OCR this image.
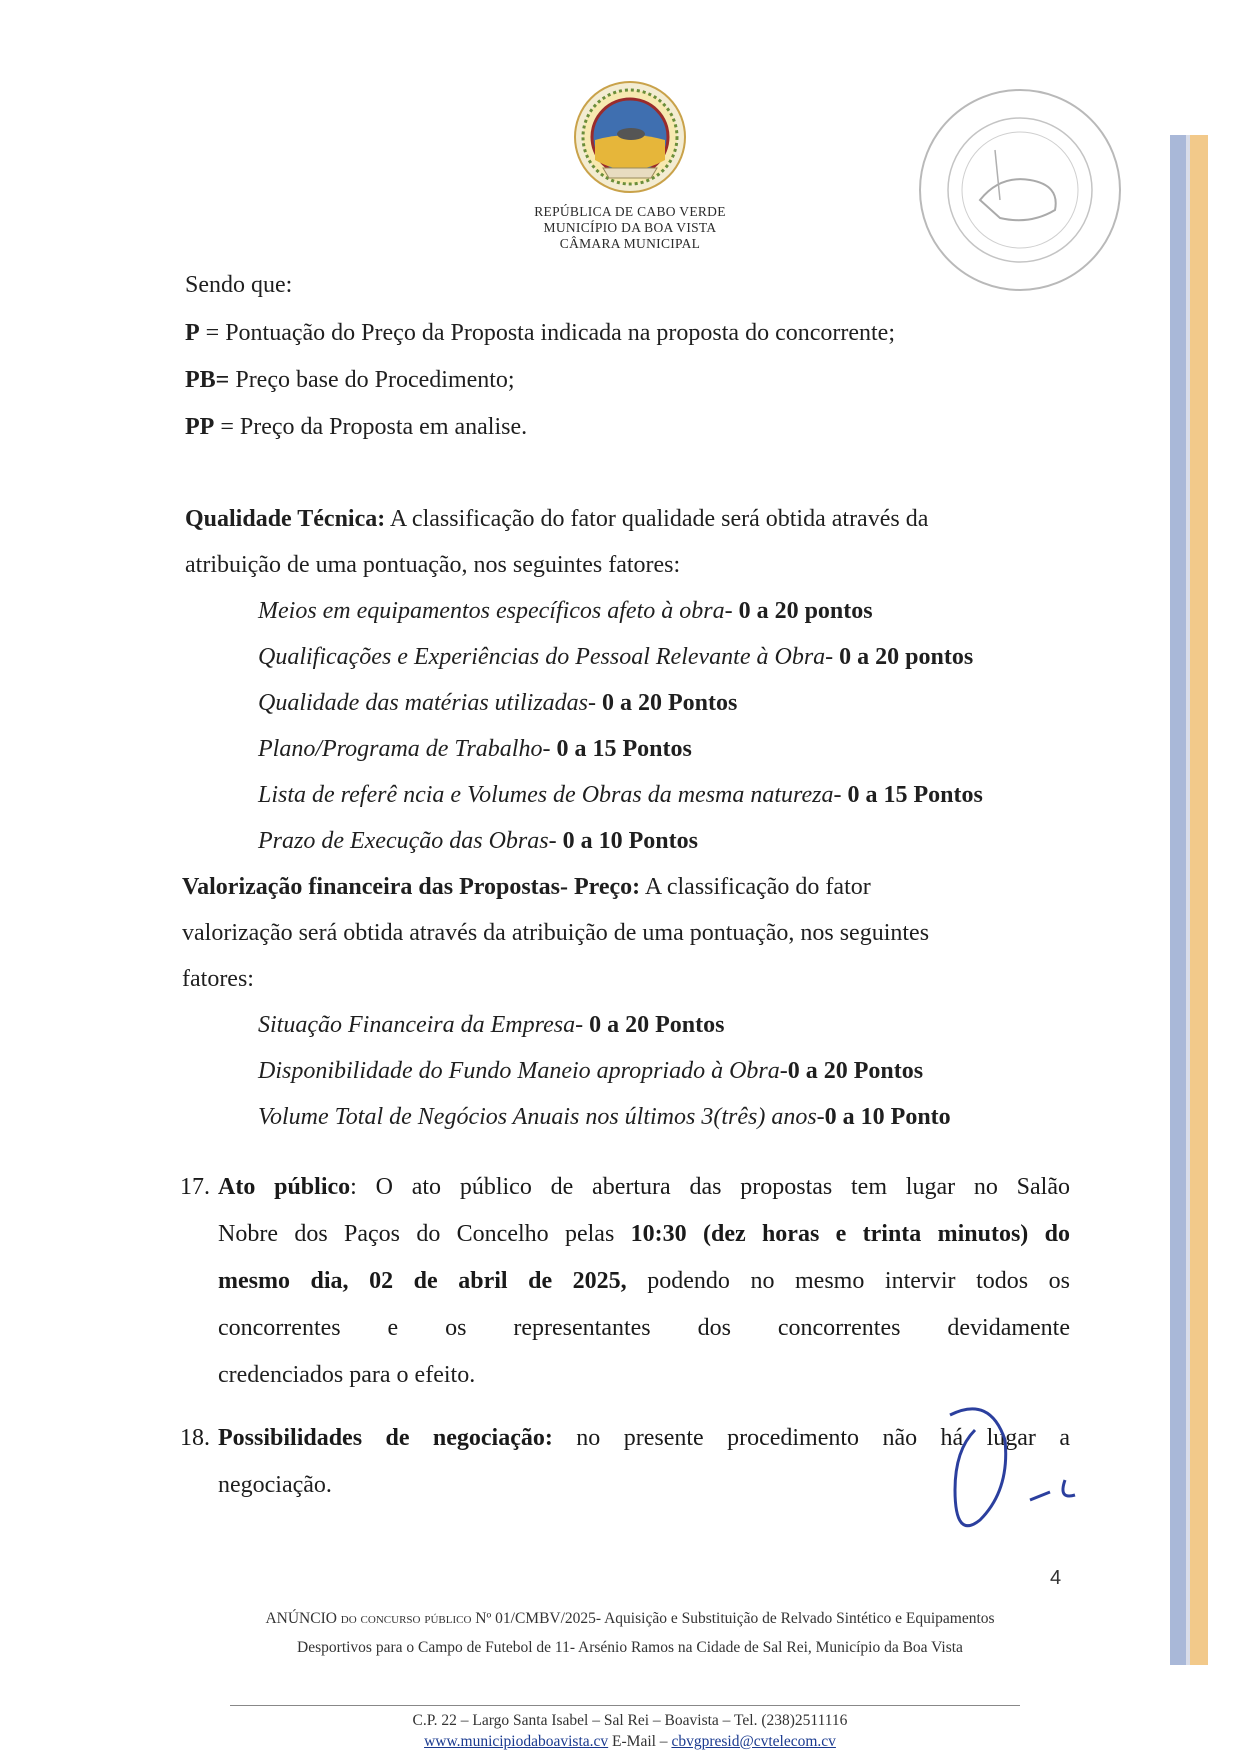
REPÚBLICA DE CABO VERDE
MUNICÍPIO DA BOA VISTA
CÂMARA MUNICIPAL
Sendo que:
P = Pontuação do Preço da Proposta indicada na proposta do concorrente;
PB= Preço base do Procedimento;
PP = Preço da Proposta em analise.
Qualidade Técnica: A classificação do fator qualidade será obtida através da
atribuição de uma pontuação, nos seguintes fatores:
Meios em equipamentos específicos afeto à obra- 0 a 20 pontos
Qualificações e Experiências do Pessoal Relevante à Obra- 0 a 20 pontos
Qualidade das matérias utilizadas- 0 a 20 Pontos
Plano/Programa de Trabalho- 0 a 15 Pontos
Lista de referê ncia e Volumes de Obras da mesma natureza- 0 a 15 Pontos
Prazo de Execução das Obras- 0 a 10 Pontos
Valorização financeira das Propostas- Preço: A classificação do fator
valorização será obtida através da atribuição de uma pontuação, nos seguintes
fatores:
Situação Financeira da Empresa- 0 a 20 Pontos
Disponibilidade do Fundo Maneio apropriado à Obra-0 a 20 Pontos
Volume Total de Negócios Anuais nos últimos 3(três) anos-0 a 10 Ponto
17. Ato público: O ato público de abertura das propostas tem lugar no Salão
Nobre dos Paços do Concelho pelas 10:30 (dez horas e trinta minutos) do
mesmo dia, 02 de abril de 2025, podendo no mesmo intervir todos os
concorrentes e os representantes dos concorrentes devidamente
credenciados para o efeito.
18. Possibilidades de negociação: no presente procedimento não há lugar a
negociação.
4
ANÚNCIO do concurso público Nº 01/CMBV/2025- Aquisição e Substituição de Relvado Sintético e Equipamentos
Desportivos para o Campo de Futebol de 11- Arsénio Ramos na Cidade de Sal Rei, Município da Boa Vista
C.P. 22 – Largo Santa Isabel – Sal Rei – Boavista – Tel. (238)2511116
www.municipiodaboavista.cv E-Mail – cbvgpresid@cvtelecom.cv
